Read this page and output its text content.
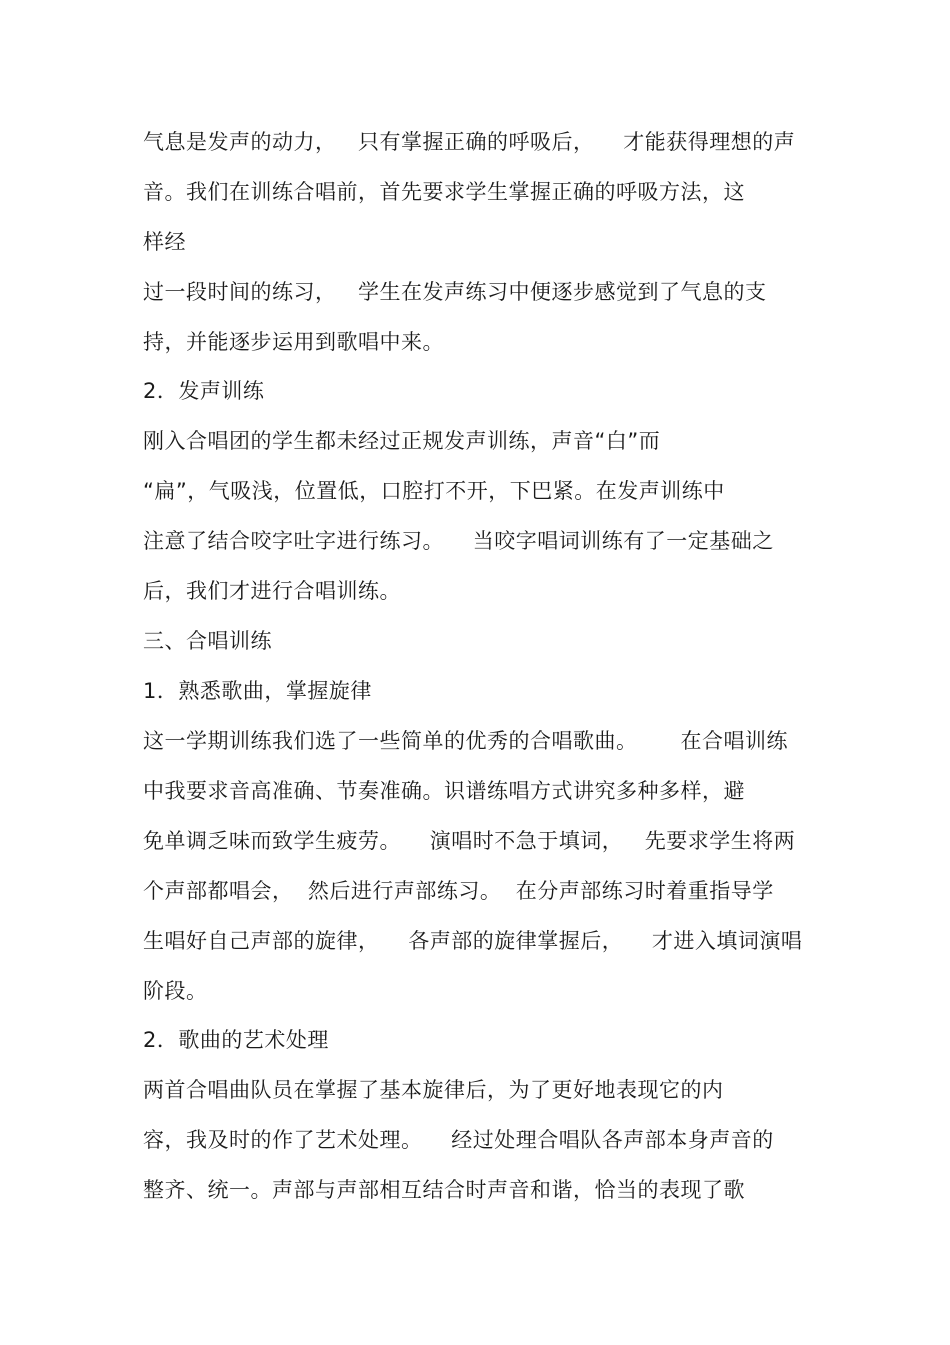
气息是发声的动力，   只有掌握正确的呼吸后，    才能获得理想的声
音。我们在训练合唱前，首先要求学生掌握正确的呼吸方法，这
样经
过一段时间的练习，   学生在发声练习中便逐步感觉到了气息的支
持，并能逐步运用到歌唱中来。
2．发声训练
刚入合唱团的学生都未经过正规发声训练，声音“白”而
“扁”，气吸浅，位置低，口腔打不开，下巴紧。在发声训练中
注意了结合咬字吐字进行练习。    当咬字唱词训练有了一定基础之
后，我们才进行合唱训练。
三、合唱训练
1．熟悉歌曲，掌握旋律
这一学期训练我们选了一些简单的优秀的合唱歌曲。      在合唱训练
中我要求音高准确、节奏准确。识谱练唱方式讲究多种多样，避
免单调乏味而致学生疲劳。    演唱时不急于填词，   先要求学生将两
个声部都唱会，  然后进行声部练习。  在分声部练习时着重指导学
生唱好自己声部的旋律，    各声部的旋律掌握后，    才进入填词演唱
阶段。
2．歌曲的艺术处理
两首合唱曲队员在掌握了基本旋律后，为了更好地表现它的内
容，我及时的作了艺术处理。    经过处理合唱队各声部本身声音的
整齐、统一。声部与声部相互结合时声音和谐，恰当的表现了歌
